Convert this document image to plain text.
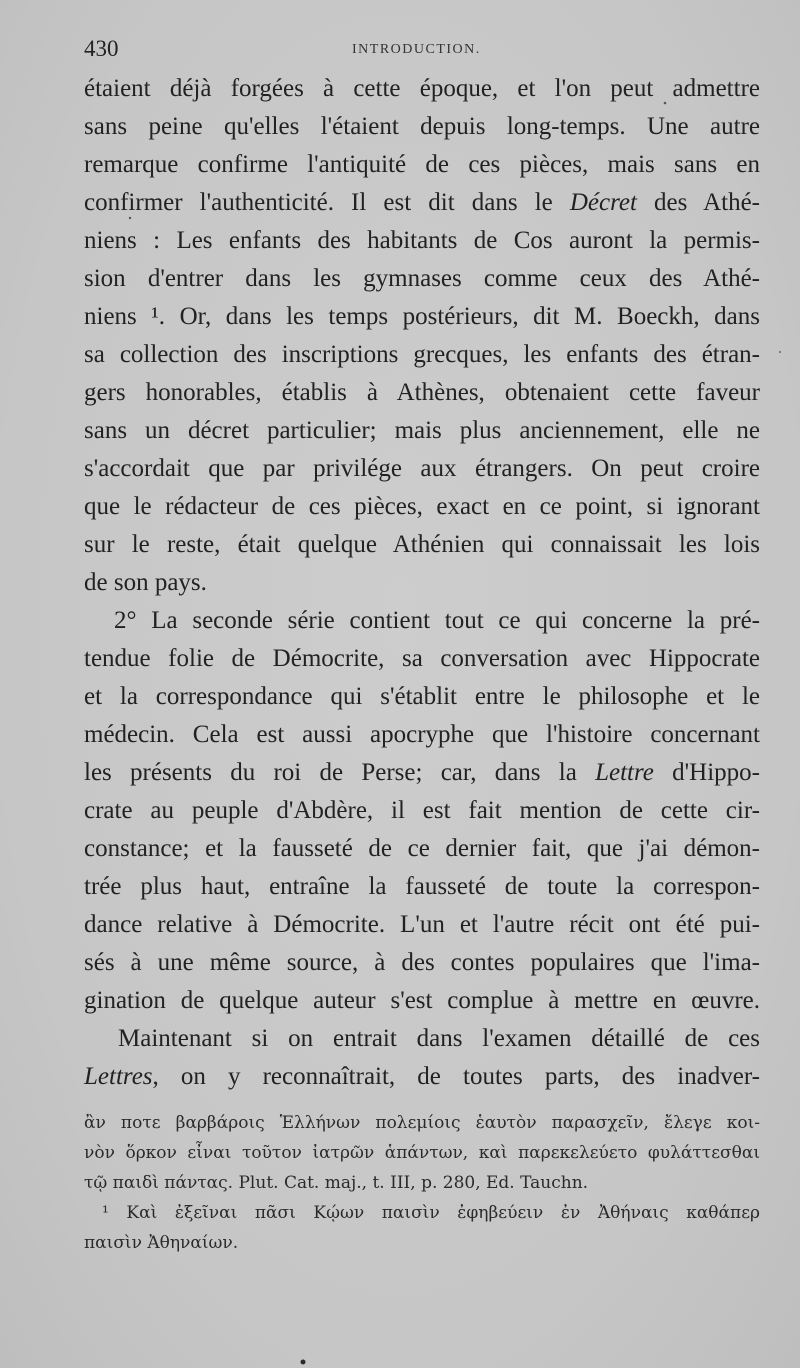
430	INTRODUCTION.
étaient déjà forgées à cette époque, et l'on peut admettre
sans peine qu'elles l'étaient depuis long-temps. Une autre
remarque confirme l'antiquité de ces pièces, mais sans en
confirmer l'authenticité. Il est dit dans le Décret des Athé-
niens : Les enfants des habitants de Cos auront la permis-
sion d'entrer dans les gymnases comme ceux des Athé-
niens ¹. Or, dans les temps postérieurs, dit M. Boeckh, dans
sa collection des inscriptions grecques, les enfants des étran-
gers honorables, établis à Athènes, obtenaient cette faveur
sans un décret particulier; mais plus anciennement, elle ne
s'accordait que par privilége aux étrangers. On peut croire
que le rédacteur de ces pièces, exact en ce point, si ignorant
sur le reste, était quelque Athénien qui connaissait les lois
de son pays.
2° La seconde série contient tout ce qui concerne la pré-
tendue folie de Démocrite, sa conversation avec Hippocrate
et la correspondance qui s'établit entre le philosophe et le
médecin. Cela est aussi apocryphe que l'histoire concernant
les présents du roi de Perse; car, dans la Lettre d'Hippo-
crate au peuple d'Abdère, il est fait mention de cette cir-
constance; et la fausseté de ce dernier fait, que j'ai démon-
trée plus haut, entraîne la fausseté de toute la correspon-
dance relative à Démocrite. L'un et l'autre récit ont été pui-
sés à une même source, à des contes populaires que l'ima-
gination de quelque auteur s'est complue à mettre en œuvre.
Maintenant si on entrait dans l'examen détaillé de ces
Lettres, on y reconnaîtrait, de toutes parts, des inadver-
ἂν ποτε βαρβάροις Ἑλλήνων πολεμίοις ἑαυτὸν παρασχεῖν, ἔλεγε κοι-
νὸν ὅρκον εἶναι τοῦτον ἰατρῶν ἁπάντων, καὶ παρεκελεύετο φυλάττεσθαι
τῷ παιδὶ πάντας. Plut. Cat. maj., t. III, p. 280, Ed. Tauchn.
¹ Καὶ ἐξεῖναι πᾶσι Κῴων παισὶν ἐφηβεύειν ἐν Ἀθήναις καθάπερ
παισὶν Ἀθηναίων.
